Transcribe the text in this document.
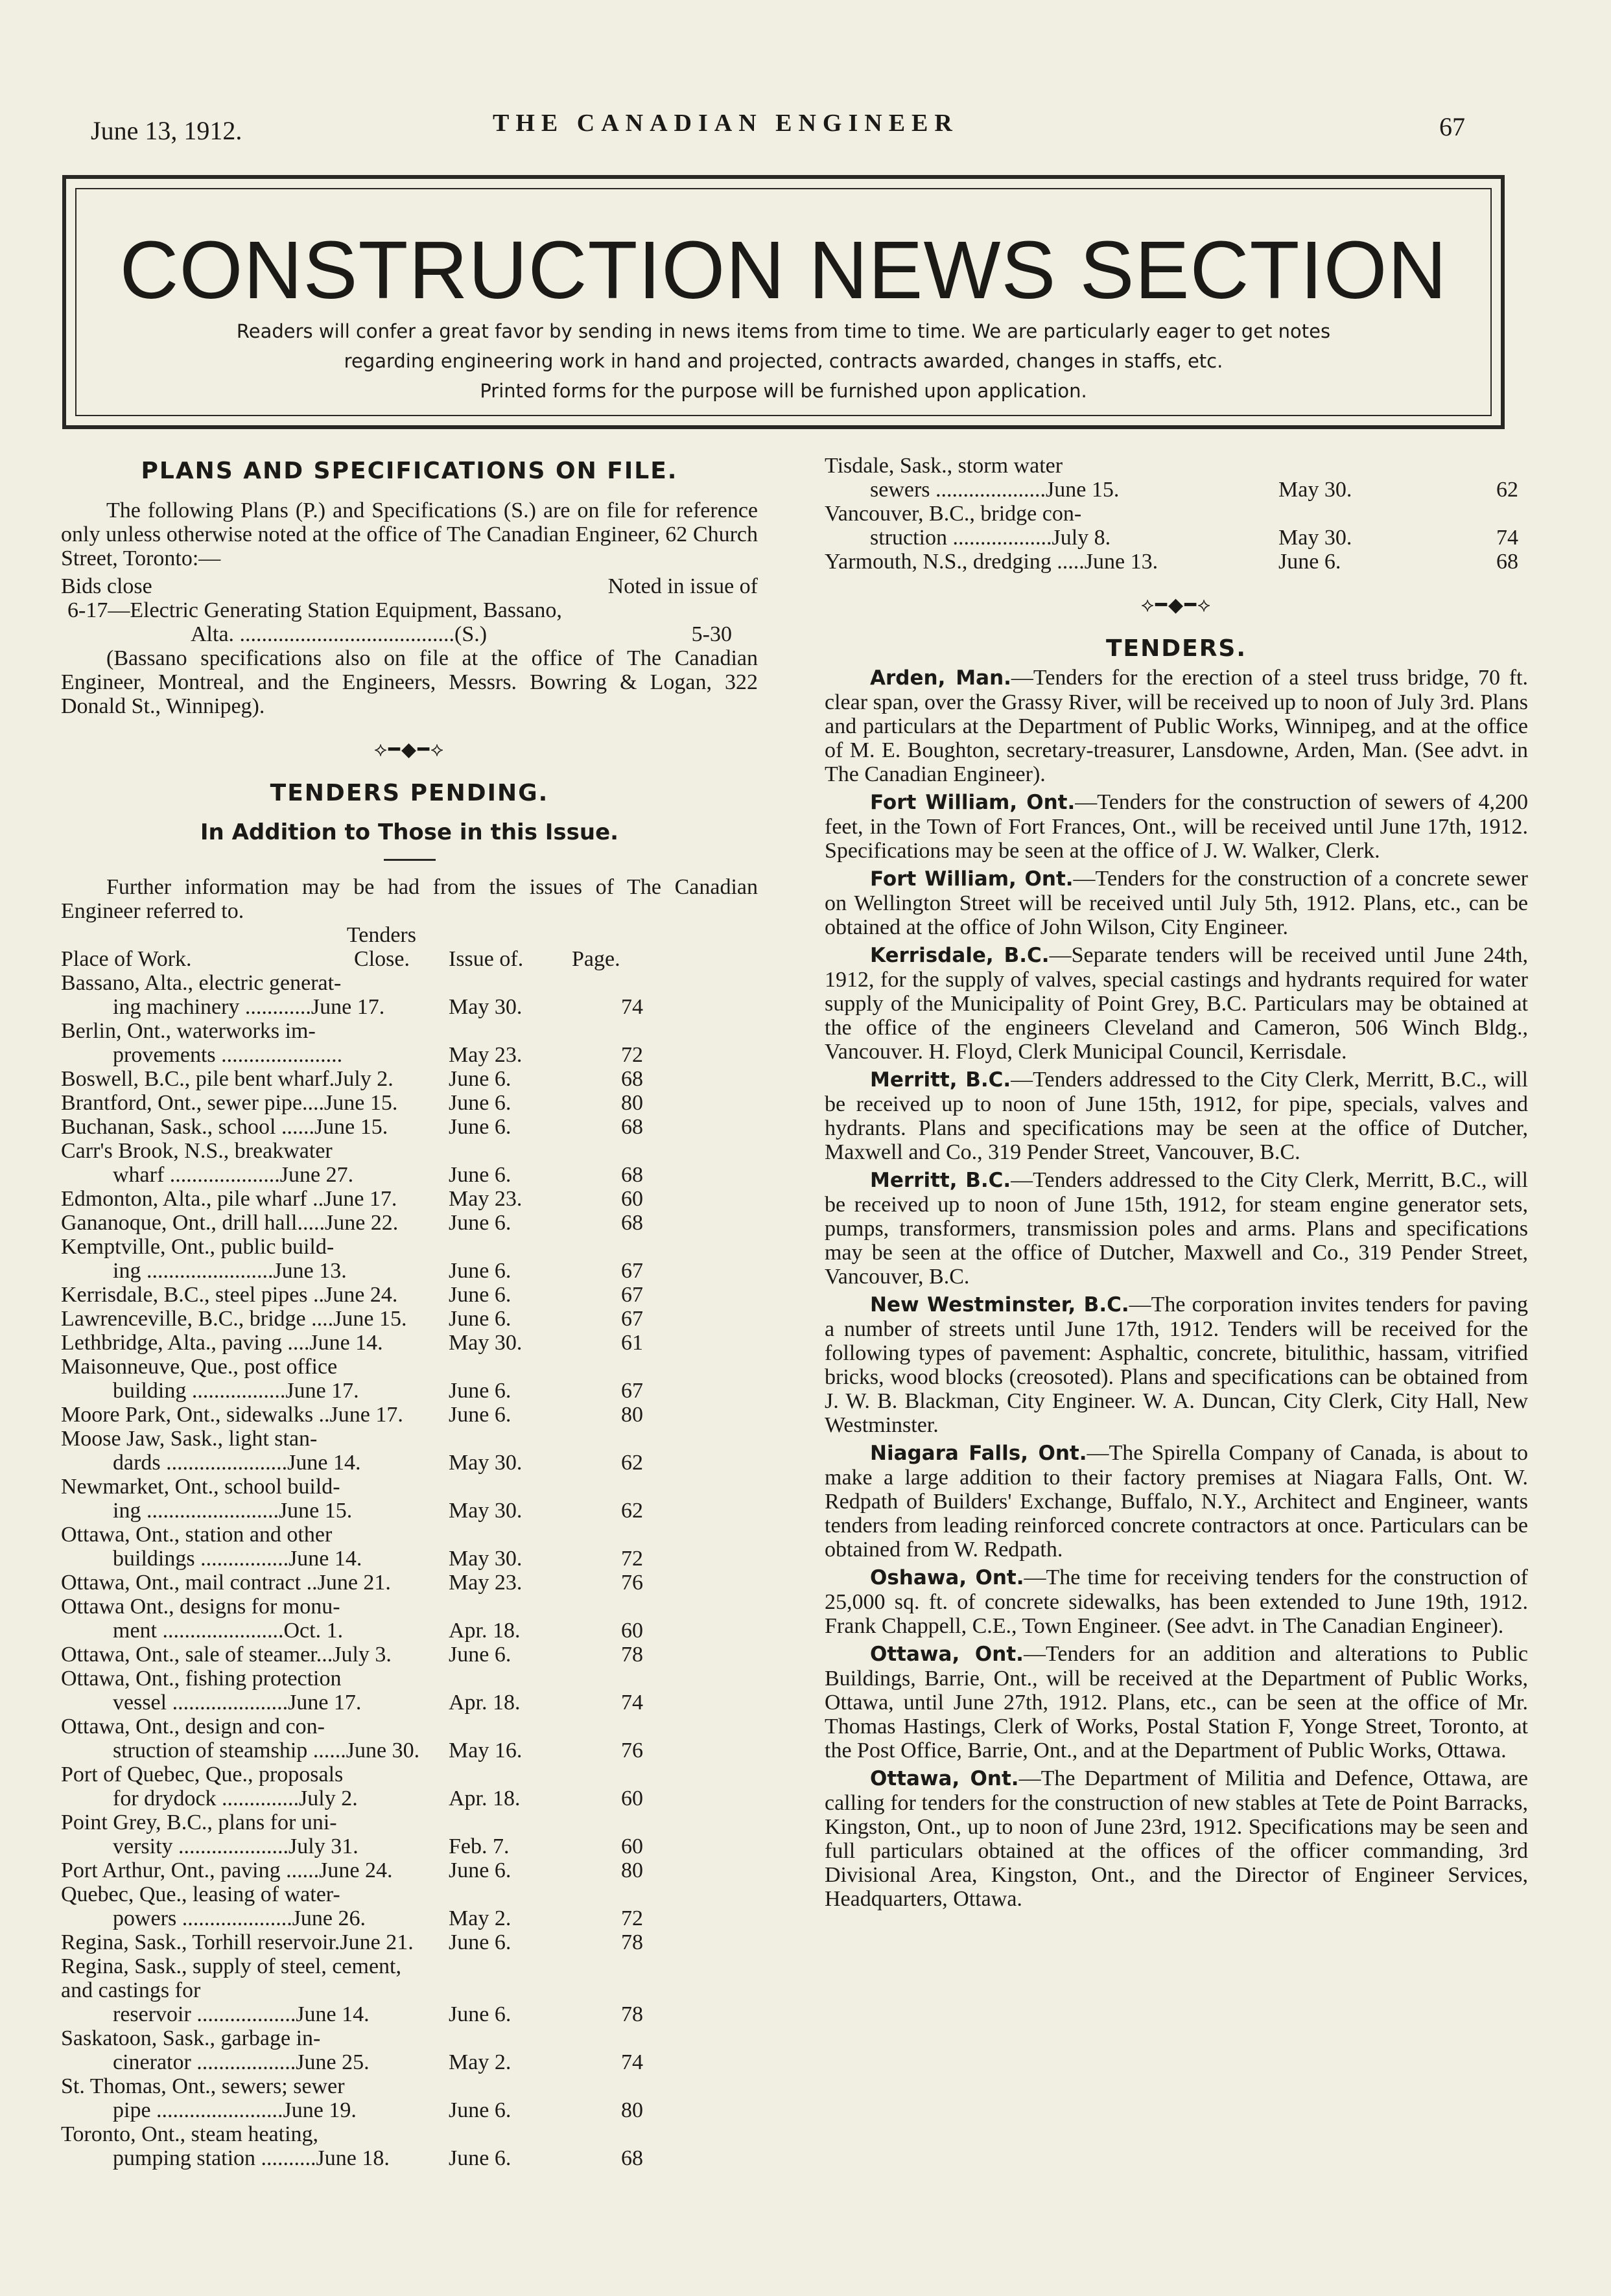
June 13, 1912.	THE CANADIAN ENGINEER	67
CONSTRUCTION NEWS SECTION
Readers will confer a great favor by sending in news items from time to time. We are particularly eager to get notes
regarding engineering work in hand and projected, contracts awarded, changes in staffs, etc.
Printed forms for the purpose will be furnished upon application.
PLANS AND SPECIFICATIONS ON FILE.

The following Plans (P.) and Specifications (S.) are on file for reference only unless otherwise noted at the office of The Canadian Engineer, 62 Church Street, Toronto:—

Bids close	Noted in issue of
6-17—Electric Generating Station Equipment, Bassano,
Alta. .......................................(S.)	5-30

(Bassano specifications also on file at the office of The Canadian Engineer, Montreal, and the Engineers, Messrs. Bowring & Logan, 322 Donald St., Winnipeg).

⟡━◆━⟡
TENDERS PENDING.
In Addition to Those in this Issue.

Further information may be had from the issues of The Canadian Engineer referred to.

Tenders
Place of Work.	Close.	Issue of.	Page.
Bassano, Alta., electric generat-
ing machinery ............June 17.	May 30.	74
Berlin, Ont., waterworks im-
provements ......................	May 23.	72
Boswell, B.C., pile bent wharf.July 2.	June 6.	68
Brantford, Ont., sewer pipe....June 15.	June 6.	80
Buchanan, Sask., school ......June 15.	June 6.	68
Carr's Brook, N.S., breakwater
wharf ....................June 27.	June 6.	68
Edmonton, Alta., pile wharf ..June 17.	May 23.	60
Gananoque, Ont., drill hall.....June 22.	June 6.	68
Kemptville, Ont., public build-
ing .......................June 13.	June 6.	67
Kerrisdale, B.C., steel pipes ..June 24.	June 6.	67
Lawrenceville, B.C., bridge ....June 15.	June 6.	67
Lethbridge, Alta., paving ....June 14.	May 30.	61
Maisonneuve, Que., post office
building .................June 17.	June 6.	67
Moore Park, Ont., sidewalks ..June 17.	June 6.	80
Moose Jaw, Sask., light stan-
dards ......................June 14.	May 30.	62
Newmarket, Ont., school build-
ing ........................June 15.	May 30.	62
Ottawa, Ont., station and other
buildings ................June 14.	May 30.	72
Ottawa, Ont., mail contract ..June 21.	May 23.	76
Ottawa Ont., designs for monu-
ment ......................Oct. 1.	Apr. 18.	60
Ottawa, Ont., sale of steamer...July 3.	June 6.	78
Ottawa, Ont., fishing protection
vessel .....................June 17.	Apr. 18.	74
Ottawa, Ont., design and con-
struction of steamship ......June 30.	May 16.	76
Port of Quebec, Que., proposals
for drydock ..............July 2.	Apr. 18.	60
Point Grey, B.C., plans for uni-
versity ....................July 31.	Feb. 7.	60
Port Arthur, Ont., paving ......June 24.	June 6.	80
Quebec, Que., leasing of water-
powers ....................June 26.	May 2.	72
Regina, Sask., Torhill reservoir.June 21.	June 6.	78
Regina, Sask., supply of steel, cement, and castings for
reservoir ..................June 14.	June 6.	78
Saskatoon, Sask., garbage in-
cinerator ..................June 25.	May 2.	74
St. Thomas, Ont., sewers; sewer
pipe .......................June 19.	June 6.	80
Toronto, Ont., steam heating,
pumping station ..........June 18.	June 6.	68
Tisdale, Sask., storm water
sewers ....................June 15.	May 30.	62
Vancouver, B.C., bridge con-
struction ..................July 8.	May 30.	74
Yarmouth, N.S., dredging .....June 13.	June 6.	68
⟡━◆━⟡
TENDERS.

Arden, Man.—Tenders for the erection of a steel truss bridge, 70 ft. clear span, over the Grassy River, will be received up to noon of July 3rd. Plans and particulars at the Department of Public Works, Winnipeg, and at the office of M. E. Boughton, secretary-treasurer, Lansdowne, Arden, Man. (See advt. in The Canadian Engineer).

Fort William, Ont.—Tenders for the construction of sewers of 4,200 feet, in the Town of Fort Frances, Ont., will be received until June 17th, 1912. Specifications may be seen at the office of J. W. Walker, Clerk.

Fort William, Ont.—Tenders for the construction of a concrete sewer on Wellington Street will be received until July 5th, 1912. Plans, etc., can be obtained at the office of John Wilson, City Engineer.

Kerrisdale, B.C.—Separate tenders will be received until June 24th, 1912, for the supply of valves, special castings and hydrants required for water supply of the Municipality of Point Grey, B.C. Particulars may be obtained at the office of the engineers Cleveland and Cameron, 506 Winch Bldg., Vancouver. H. Floyd, Clerk Municipal Council, Kerrisdale.

Merritt, B.C.—Tenders addressed to the City Clerk, Merritt, B.C., will be received up to noon of June 15th, 1912, for pipe, specials, valves and hydrants. Plans and specifications may be seen at the office of Dutcher, Maxwell and Co., 319 Pender Street, Vancouver, B.C.

Merritt, B.C.—Tenders addressed to the City Clerk, Merritt, B.C., will be received up to noon of June 15th, 1912, for steam engine generator sets, pumps, transformers, transmission poles and arms. Plans and specifications may be seen at the office of Dutcher, Maxwell and Co., 319 Pender Street, Vancouver, B.C.

New Westminster, B.C.—The corporation invites tenders for paving a number of streets until June 17th, 1912. Tenders will be received for the following types of pavement: Asphaltic, concrete, bitulithic, hassam, vitrified bricks, wood blocks (creosoted). Plans and specifications can be obtained from J. W. B. Blackman, City Engineer. W. A. Duncan, City Clerk, City Hall, New Westminster.

Niagara Falls, Ont.—The Spirella Company of Canada, is about to make a large addition to their factory premises at Niagara Falls, Ont. W. Redpath of Builders' Exchange, Buffalo, N.Y., Architect and Engineer, wants tenders from leading reinforced concrete contractors at once. Particulars can be obtained from W. Redpath.

Oshawa, Ont.—The time for receiving tenders for the construction of 25,000 sq. ft. of concrete sidewalks, has been extended to June 19th, 1912. Frank Chappell, C.E., Town Engineer. (See advt. in The Canadian Engineer).

Ottawa, Ont.—Tenders for an addition and alterations to Public Buildings, Barrie, Ont., will be received at the Department of Public Works, Ottawa, until June 27th, 1912. Plans, etc., can be seen at the office of Mr. Thomas Hastings, Clerk of Works, Postal Station F, Yonge Street, Toronto, at the Post Office, Barrie, Ont., and at the Department of Public Works, Ottawa.

Ottawa, Ont.—The Department of Militia and Defence, Ottawa, are calling for tenders for the construction of new stables at Tete de Point Barracks, Kingston, Ont., up to noon of June 23rd, 1912. Specifications may be seen and full particulars obtained at the offices of the officer commanding, 3rd Divisional Area, Kingston, Ont., and the Director of Engineer Services, Headquarters, Ottawa.
